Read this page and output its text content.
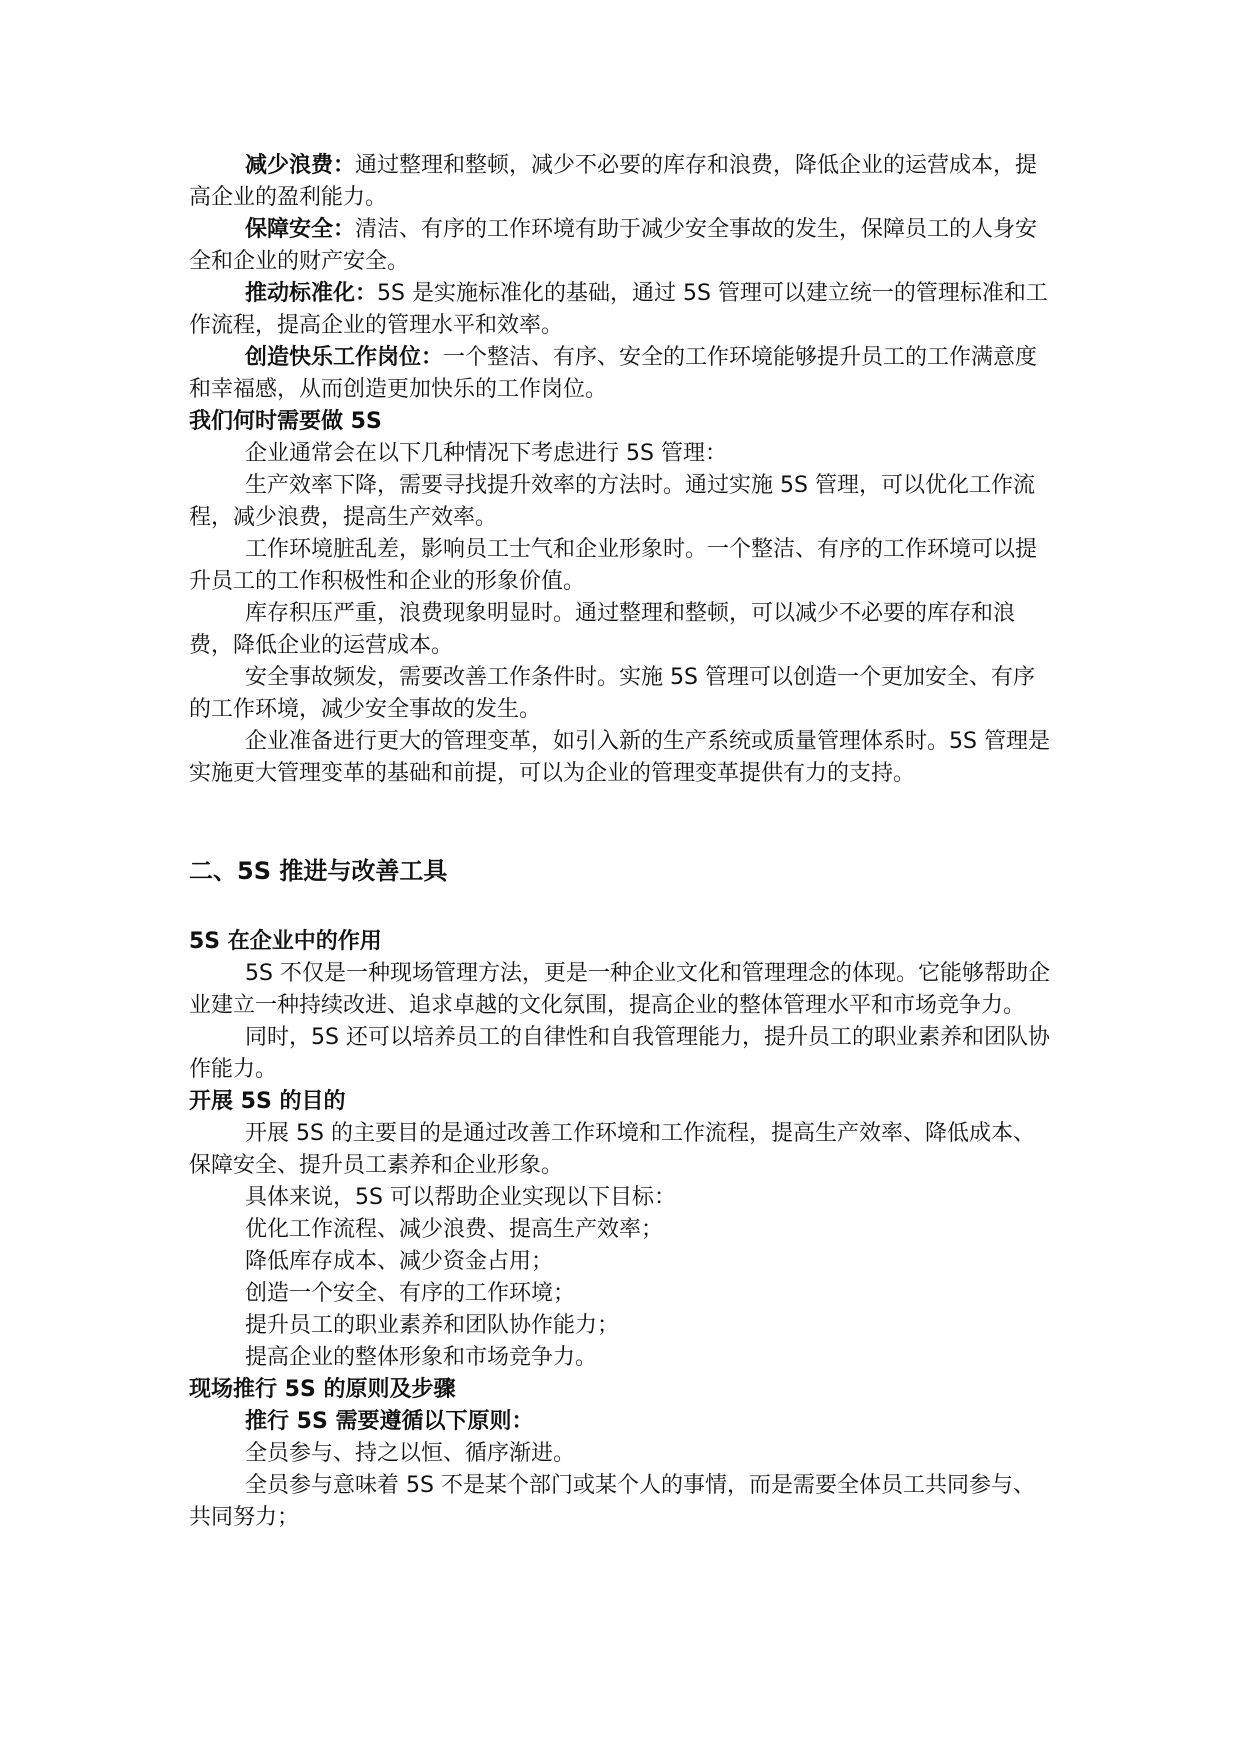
减少浪费：通过整理和整顿，减少不必要的库存和浪费，降低企业的运营成本，提高企业的盈利能力。

保障安全：清洁、有序的工作环境有助于减少安全事故的发生，保障员工的人身安全和企业的财产安全。

推动标准化：5S 是实施标准化的基础，通过 5S 管理可以建立统一的管理标准和工作流程，提高企业的管理水平和效率。

创造快乐工作岗位：一个整洁、有序、安全的工作环境能够提升员工的工作满意度和幸福感，从而创造更加快乐的工作岗位。

我们何时需要做 5S

企业通常会在以下几种情况下考虑进行 5S 管理：

生产效率下降，需要寻找提升效率的方法时。通过实施 5S 管理，可以优化工作流程，减少浪费，提高生产效率。

工作环境脏乱差，影响员工士气和企业形象时。一个整洁、有序的工作环境可以提升员工的工作积极性和企业的形象价值。

库存积压严重，浪费现象明显时。通过整理和整顿，可以减少不必要的库存和浪费，降低企业的运营成本。

安全事故频发，需要改善工作条件时。实施 5S 管理可以创造一个更加安全、有序的工作环境，减少安全事故的发生。

企业准备进行更大的管理变革，如引入新的生产系统或质量管理体系时。5S 管理是实施更大管理变革的基础和前提，可以为企业的管理变革提供有力的支持。

二、5S 推进与改善工具

5S 在企业中的作用

5S 不仅是一种现场管理方法，更是一种企业文化和管理理念的体现。它能够帮助企业建立一种持续改进、追求卓越的文化氛围，提高企业的整体管理水平和市场竞争力。

同时，5S 还可以培养员工的自律性和自我管理能力，提升员工的职业素养和团队协作能力。

开展 5S 的目的

开展 5S 的主要目的是通过改善工作环境和工作流程，提高生产效率、降低成本、保障安全、提升员工素养和企业形象。

具体来说，5S 可以帮助企业实现以下目标：

优化工作流程、减少浪费、提高生产效率；

降低库存成本、减少资金占用；

创造一个安全、有序的工作环境；

提升员工的职业素养和团队协作能力；

提高企业的整体形象和市场竞争力。

现场推行 5S 的原则及步骤

推行 5S 需要遵循以下原则：

全员参与、持之以恒、循序渐进。

全员参与意味着 5S 不是某个部门或某个人的事情，而是需要全体员工共同参与、共同努力；
